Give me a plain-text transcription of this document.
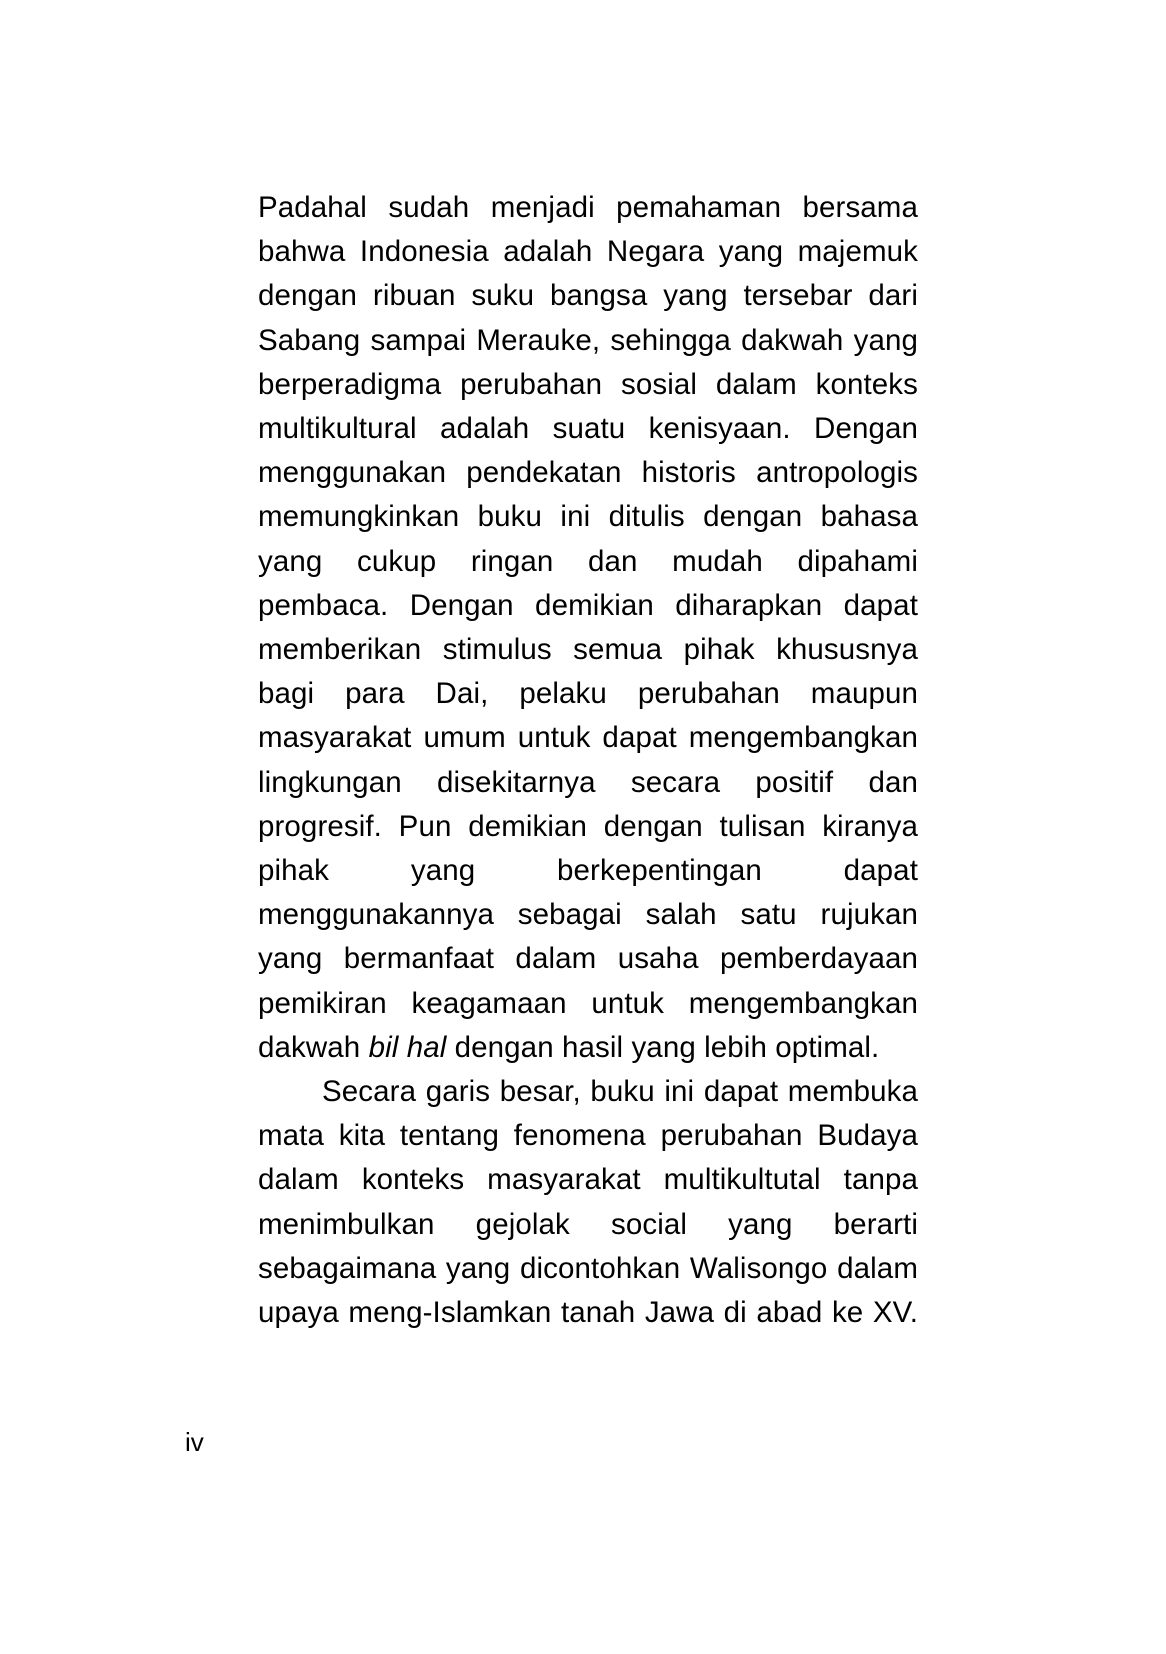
Padahal sudah menjadi pemahaman bersama bahwa Indonesia adalah Negara yang majemuk dengan ribuan suku bangsa yang tersebar dari Sabang sampai Merauke, sehingga dakwah yang berperadigma perubahan sosial dalam konteks multikultural adalah suatu kenisyaan. Dengan menggunakan pendekatan historis antropologis memungkinkan buku ini ditulis dengan bahasa yang cukup ringan dan mudah dipahami pembaca. Dengan demikian diharapkan dapat memberikan stimulus semua pihak khususnya bagi para Dai, pelaku perubahan maupun masyarakat umum untuk dapat mengembangkan lingkungan disekitarnya secara positif dan progresif. Pun demikian dengan tulisan kiranya pihak yang berkepentingan dapat menggunakannya sebagai salah satu rujukan yang bermanfaat dalam usaha pemberdayaan pemikiran keagamaan untuk mengembangkan dakwah bil hal dengan hasil yang lebih optimal.

Secara garis besar, buku ini dapat membuka mata kita tentang fenomena perubahan Budaya dalam konteks masyarakat multikultutal tanpa menimbulkan gejolak social yang berarti sebagaimana yang dicontohkan Walisongo dalam upaya meng-Islamkan tanah Jawa di abad ke XV.

iv
